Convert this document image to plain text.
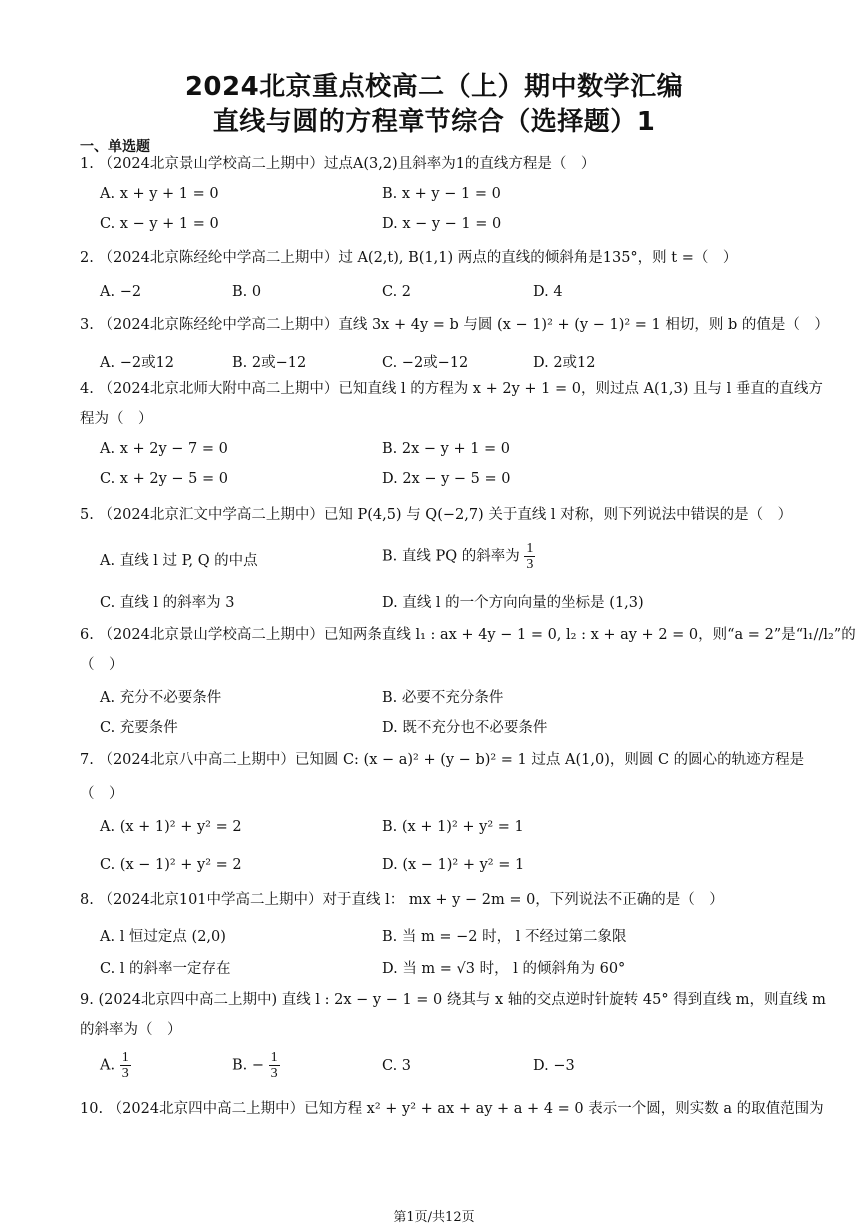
2024北京重点校高二（上）期中数学汇编
直线与圆的方程章节综合（选择题）1
一、单选题
1. （2024北京景山学校高二上期中）过点A(3,2)且斜率为1的直线方程是（　）
A. x + y + 1 = 0	B. x + y − 1 = 0
C. x − y + 1 = 0	D. x − y − 1 = 0
2. （2024北京陈经纶中学高二上期中）过 A(2,t), B(1,1) 两点的直线的倾斜角是135°，则 t =（　）
A. −2	B. 0	C. 2	D. 4
3. （2024北京陈经纶中学高二上期中）直线 3x + 4y = b 与圆 (x − 1)² + (y − 1)² = 1 相切，则 b 的值是（　）
A. −2或12	B. 2或−12	C. −2或−12	D. 2或12
4. （2024北京北师大附中高二上期中）已知直线 l 的方程为 x + 2y + 1 = 0，则过点 A(1,3) 且与 l 垂直的直线方
程为（　）
A. x + 2y − 7 = 0	B. 2x − y + 1 = 0
C. x + 2y − 5 = 0	D. 2x − y − 5 = 0
5. （2024北京汇文中学高二上期中）已知 P(4,5) 与 Q(−2,7) 关于直线 l 对称，则下列说法中错误的是（　）
A. 直线 l 过 P, Q 的中点	B. 直线 PQ 的斜率为 $\frac{1}{3}$
C. 直线 l 的斜率为 3	D. 直线 l 的一个方向向量的坐标是 (1,3)
6. （2024北京景山学校高二上期中）已知两条直线 l₁ : ax + 4y − 1 = 0, l₂ : x + ay + 2 = 0，则“a = 2”是“l₁//l₂”的
（　）
A. 充分不必要条件	B. 必要不充分条件
C. 充要条件	D. 既不充分也不必要条件
7. （2024北京八中高二上期中）已知圆 C: (x − a)² + (y − b)² = 1 过点 A(1,0)，则圆 C 的圆心的轨迹方程是
（　）
A. (x + 1)² + y² = 2	B. (x + 1)² + y² = 1
C. (x − 1)² + y² = 2	D. (x − 1)² + y² = 1
8. （2024北京101中学高二上期中）对于直线 l： mx + y − 2m = 0，下列说法不正确的是（　）
A. l 恒过定点 (2,0)	B. 当 m = −2 时， l 不经过第二象限
C. l 的斜率一定存在	D. 当 m = √3 时， l 的倾斜角为 60°
9. (2024北京四中高二上期中) 直线 l : 2x − y − 1 = 0 绕其与 x 轴的交点逆时针旋转 45° 得到直线 m，则直线 m
的斜率为（　）
A. $\frac{1}{3}$	B. − $\frac{1}{3}$	C. 3	D. −3
10. （2024北京四中高二上期中）已知方程 x² + y² + ax + ay + a + 4 = 0 表示一个圆，则实数 a 的取值范围为
第1页/共12页
